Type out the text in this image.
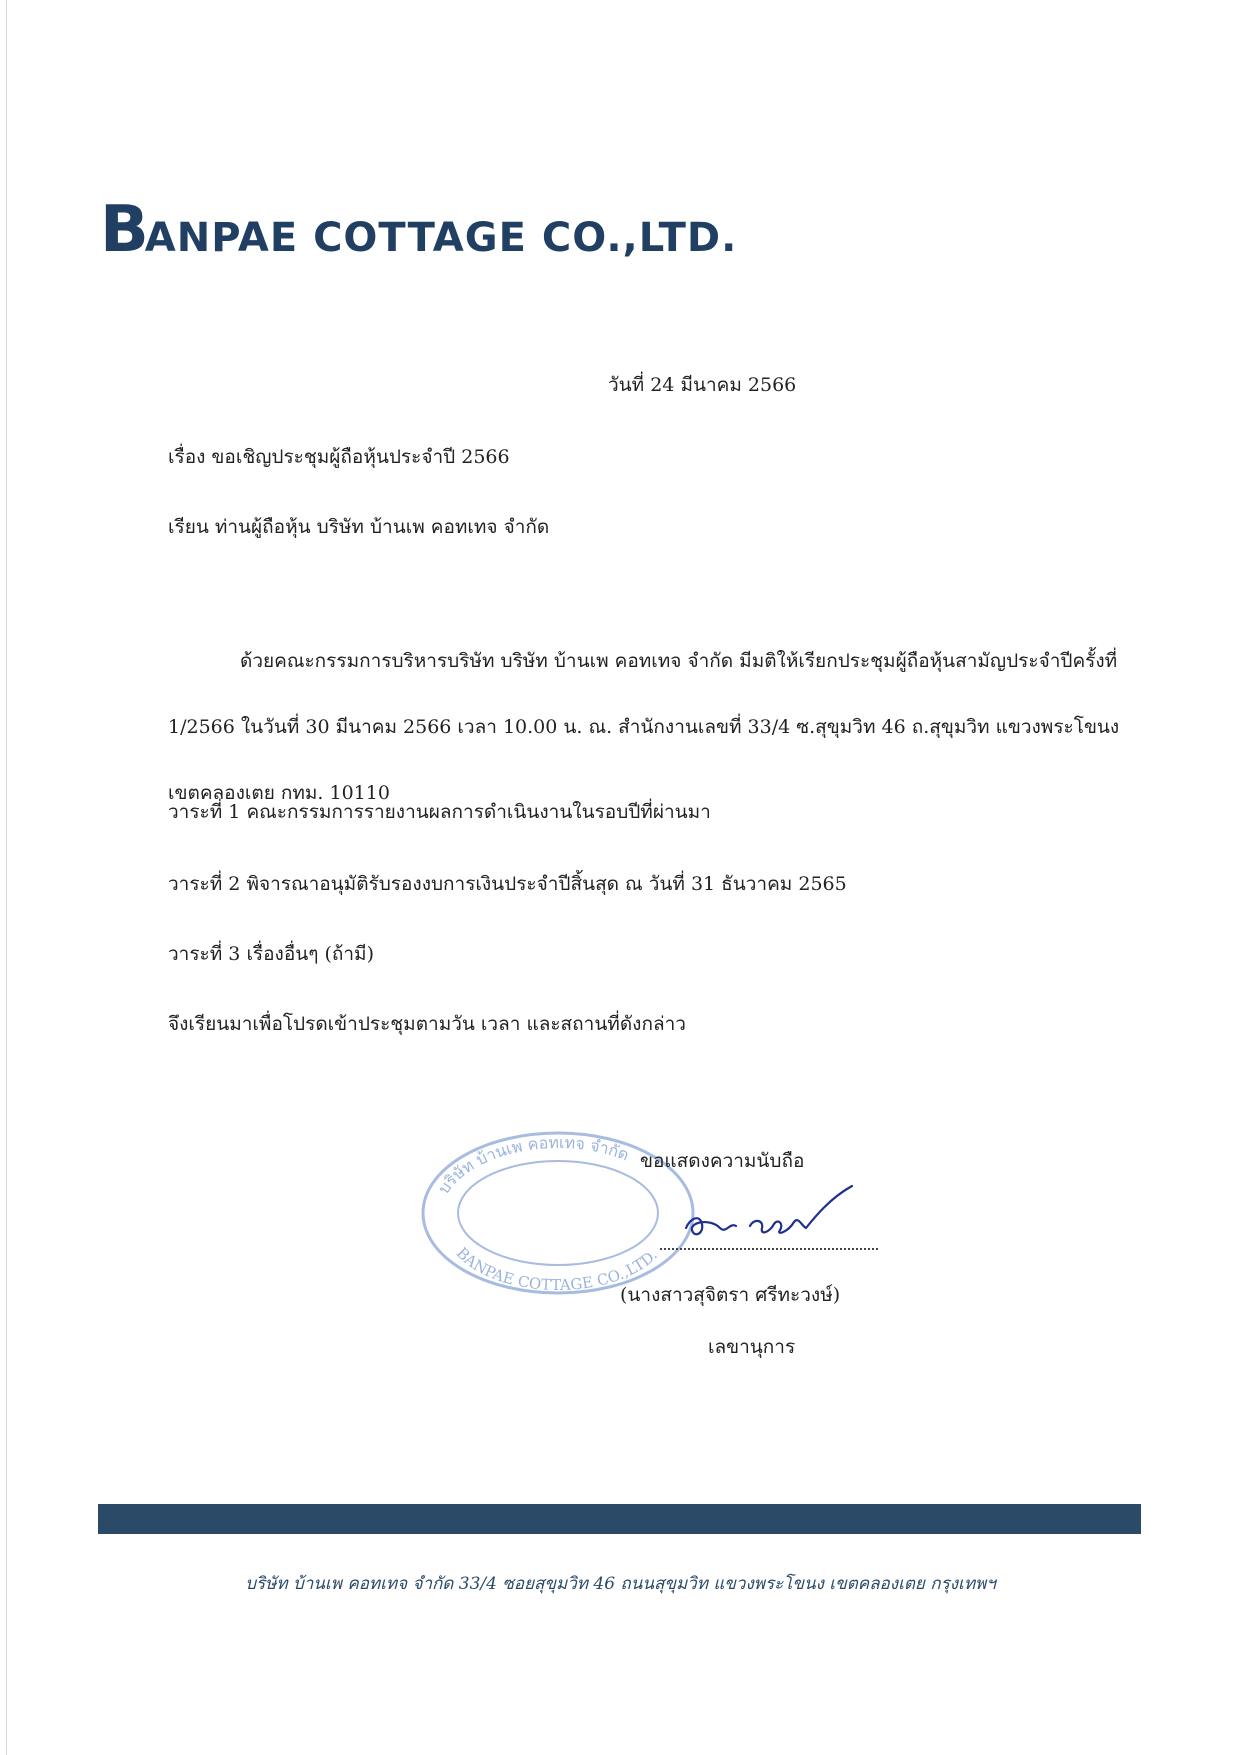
BANPAE COTTAGE CO.,LTD.
วันที่ 24 มีนาคม 2566
เรื่อง ขอเชิญประชุมผู้ถือหุ้นประจำปี 2566
เรียน ท่านผู้ถือหุ้น บริษัท บ้านเพ คอทเทจ จำกัด
ด้วยคณะกรรมการบริหารบริษัท บริษัท บ้านเพ คอทเทจ จำกัด มีมติให้เรียกประชุมผู้ถือหุ้นสามัญประจำปีครั้งที่ 1/2566 ในวันที่ 30 มีนาคม 2566 เวลา 10.00 น. ณ. สำนักงานเลขที่ 33/4 ซ.สุขุมวิท 46 ถ.สุขุมวิท แขวงพระโขนง เขตคลองเตย กทม. 10110
วาระที่ 1 คณะกรรมการรายงานผลการดำเนินงานในรอบปีที่ผ่านมา
วาระที่ 2 พิจารณาอนุมัติรับรองงบการเงินประจำปีสิ้นสุด ณ วันที่ 31 ธันวาคม 2565
วาระที่ 3 เรื่องอื่นๆ (ถ้ามี)
จึงเรียนมาเพื่อโปรดเข้าประชุมตามวัน เวลา และสถานที่ดังกล่าว
บริษัท บ้านเพ คอทเทจ จำกัด
BANPAE COTTAGE CO.,LTD.
ขอแสดงความนับถือ
(นางสาวสุจิตรา ศรีทะวงษ์)
เลขานุการ
บริษัท บ้านเพ คอทเทจ จำกัด 33/4 ซอยสุขุมวิท 46 ถนนสุขุมวิท แขวงพระโขนง เขตคลองเตย กรุงเทพฯ
